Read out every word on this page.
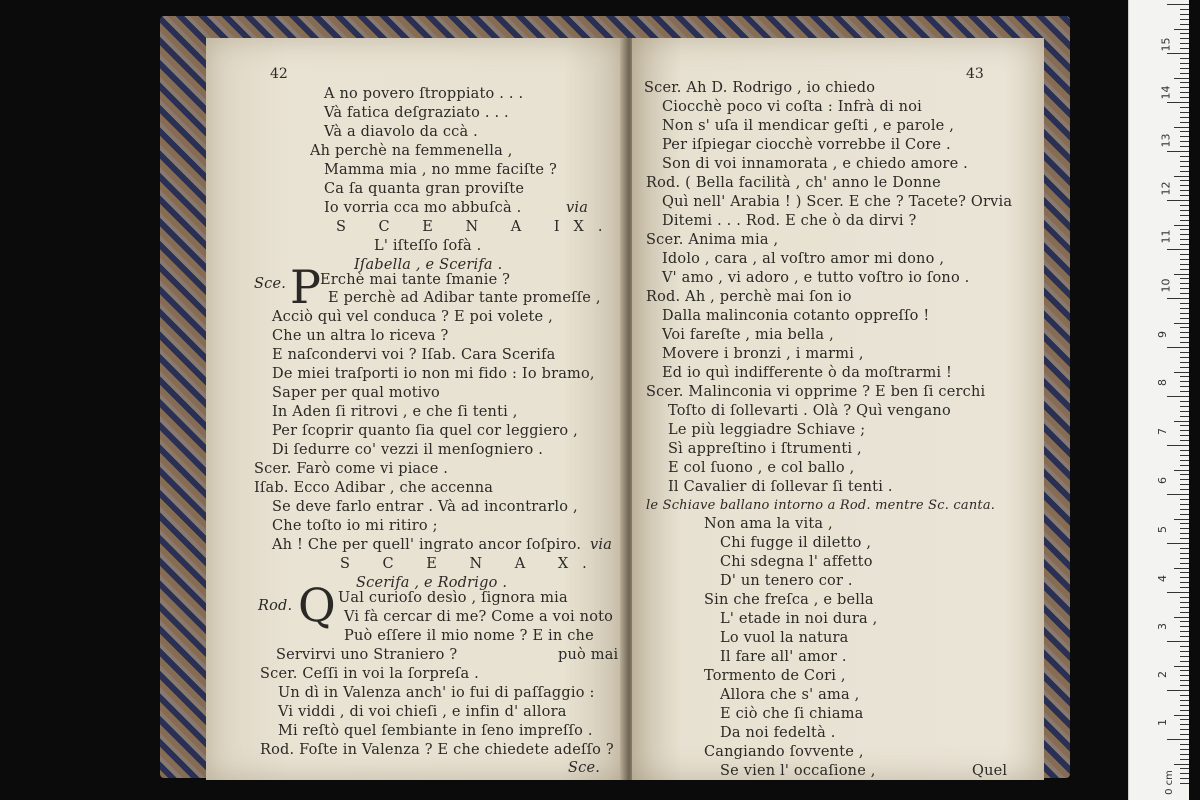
42
A no povero ſtroppiato . . .
Và fatica deſgraziato . . .
Và a diavolo da ccà .
Ah perchè na femmenella ,
Mamma mia , no mme faciſte ?
Ca ſa quanta gran proviſte
Io vorria cca mo abbuſcà .	via
S C E N A IX.
L' iſteſſo ſofà .
Iſabella , e Scerifa .
Sce. P Erchè mai tante ſmanie ?
E perchè ad Adibar tante promeſſe ,
Acciò quì vel conduca ? E poi volete ,
Che un altra lo riceva ?
E naſcondervi voi ? Iſab. Cara Scerifa
De miei traſporti io non mi fido : Io bramo,
Saper per qual motivo
In Aden ſi ritrovi , e che ſi tenti ,
Per ſcoprir quanto ſia quel cor leggiero ,
Di ſedurre co' vezzi il menſogniero .
Scer. Farò come vi piace .
Iſab. Ecco Adibar , che accenna
Se deve farlo entrar . Và ad incontrarlo ,
Che toſto io mi ritiro ;
Ah ! Che per quell' ingrato ancor ſoſpiro. via
S C E N A X.
Scerifa , e Rodrigo .
Rod. Q Ual curioſo desìo , ſignora mia
Vi fà cercar di me? Come a voi noto
Può eſſere il mio nome ? E in che
Servirvi uno Straniero ?	può mai
Scer. Ceſſi in voi la ſorpreſa .
Un dì in Valenza anch' io fui di paſſaggio :
Vi viddi , di voi chieſi , e infin d' allora
Mi reſtò quel ſembiante in ſeno impreſſo .
Rod. Foſte in Valenza ? E che chiedete adeſſo ?
Sce.
43
Scer. Ah D. Rodrigo , io chiedo
Ciocchè poco vi coſta : Infrà di noi
Non s' uſa il mendicar geſti , e parole ,
Per iſpiegar ciocchè vorrebbe il Core .
Son di voi innamorata , e chiedo amore .
Rod. ( Bella facilità , ch' anno le Donne
Quì nell' Arabia ! ) Scer. E che ? Tacete? Orvia
Ditemi . . . Rod. E che ò da dirvi ?
Scer. Anima mia ,
Idolo , cara , al voſtro amor mi dono ,
V' amo , vi adoro , e tutto voſtro io ſono .
Rod. Ah , perchè mai ſon io
Dalla malinconia cotanto oppreſſo !
Voi fareſte , mia bella ,
Movere i bronzi , i marmi ,
Ed io quì indifferente ò da moſtrarmi !
Scer. Malinconia vi opprime ? E ben ſi cerchi
Toſto di ſollevarti . Olà ? Quì vengano
Le più leggiadre Schiave ;
Sì appreſtino i ſtrumenti ,
E col ſuono , e col ballo ,
Il Cavalier di ſollevar ſi tenti .
le Schiave ballano intorno a Rod. mentre Sc. canta.
Non ama la vita ,
Chi fugge il diletto ,
Chi sdegna l' affetto
D' un tenero cor .
Sin che freſca , e bella
L' etade in noi dura ,
Lo vuol la natura
Il fare all' amor .
Tormento de Cori ,
Allora che s' ama ,
E ciò che ſi chiama
Da noi fedeltà .
Cangiando ſovvente ,
Se vien l' occaſione ,	Quel
15
14
13
12
11
10
9
8
7
6
5
4
3
2
1
0 cm
